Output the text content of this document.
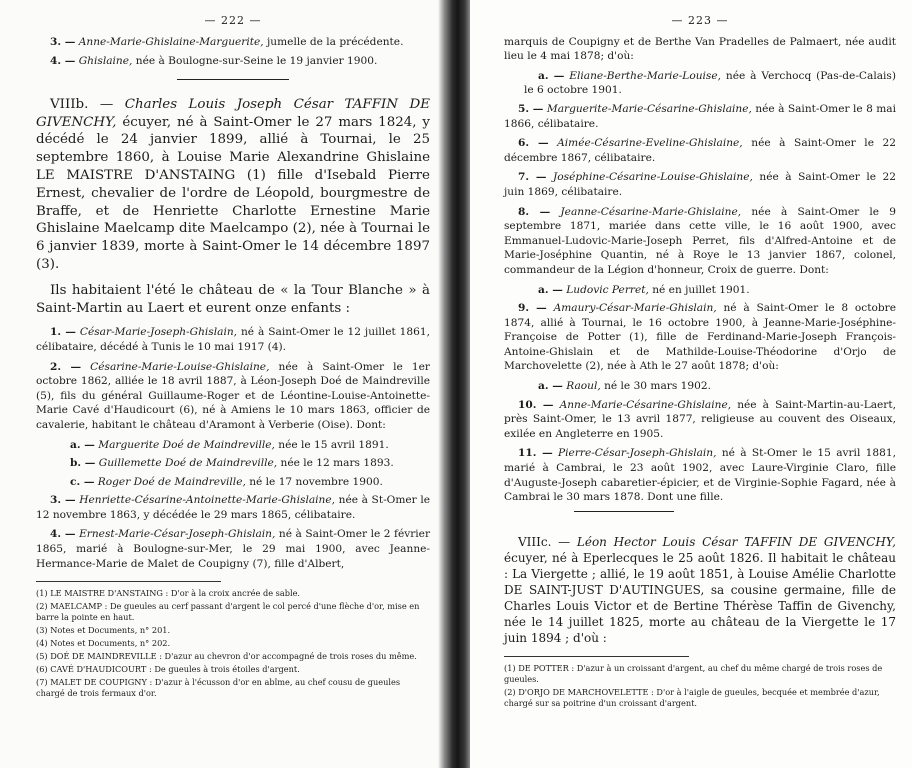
— 222 —

3. — Anne-Marie-Ghislaine-Marguerite, jumelle de la précédente.

4. — Ghislaine, née à Boulogne-sur-Seine le 19 janvier 1900.

VIIIb. — Charles Louis Joseph César TAFFIN DE GIVENCHY, écuyer, né à Saint-Omer le 27 mars 1824, y décédé le 24 janvier 1899, allié à Tournai, le 25 septembre 1860, à Louise Marie Alexandrine Ghislaine LE MAISTRE D'ANSTAING (1) fille d'Isebald Pierre Ernest, chevalier de l'ordre de Léopold, bourgmestre de Braffe, et de Henriette Charlotte Ernestine Marie Ghislaine Maelcamp dite Maelcampo (2), née à Tournai le 6 janvier 1839, morte à Saint-Omer le 14 décembre 1897 (3).

Ils habitaient l'été le château de « la Tour Blanche » à Saint-Martin au Laert et eurent onze enfants :

1. — César-Marie-Joseph-Ghislain, né à Saint-Omer le 12 juillet 1861, célibataire, décédé à Tunis le 10 mai 1917 (4).

2. — Césarine-Marie-Louise-Ghislaine, née à Saint-Omer le 1er octobre 1862, alliée le 18 avril 1887, à Léon-Joseph Doé de Maindreville (5), fils du général Guillaume-Roger et de Léontine-Louise-Antoinette-Marie Cavé d'Haudicourt (6), né à Amiens le 10 mars 1863, officier de cavalerie, habitant le château d'Aramont à Verberie (Oise). Dont:

a. — Marguerite Doé de Maindreville, née le 15 avril 1891.

b. — Guillemette Doé de Maindreville, née le 12 mars 1893.

c. — Roger Doé de Maindreville, né le 17 novembre 1900.

3. — Henriette-Césarine-Antoinette-Marie-Ghislaine, née à St-Omer le 12 novembre 1863, y décédée le 29 mars 1865, célibataire.

4. — Ernest-Marie-César-Joseph-Ghislain, né à Saint-Omer le 2 février 1865, marié à Boulogne-sur-Mer, le 29 mai 1900, avec Jeanne-Hermance-Marie de Malet de Coupigny (7), fille d'Albert,

(1) LE MAISTRE D'ANSTAING : D'or à la croix ancrée de sable.

(2) MAELCAMP : De gueules au cerf passant d'argent le col percé d'une flèche d'or, mise en barre la pointe en haut.

(3) Notes et Documents, n° 201.

(4) Notes et Documents, n° 202.

(5) DOÉ DE MAINDREVILLE : D'azur au chevron d'or accompagné de trois roses du même.

(6) CAVÉ D'HAUDICOURT : De gueules à trois étoiles d'argent.

(7) MALET DE COUPIGNY : D'azur à l'écusson d'or en abîme, au chef cousu de gueules chargé de trois fermaux d'or.

— 223 —

marquis de Coupigny et de Berthe Van Pradelles de Palmaert, née audit lieu le 4 mai 1878; d'où:

a. — Eliane-Berthe-Marie-Louise, née à Verchocq (Pas-de-Calais) le 6 octobre 1901.

5. — Marguerite-Marie-Césarine-Ghislaine, née à Saint-Omer le 8 mai 1866, célibataire.

6. — Aimée-Césarine-Eveline-Ghislaine, née à Saint-Omer le 22 décembre 1867, célibataire.

7. — Joséphine-Césarine-Louise-Ghislaine, née à Saint-Omer le 22 juin 1869, célibataire.

8. — Jeanne-Césarine-Marie-Ghislaine, née à Saint-Omer le 9 septembre 1871, mariée dans cette ville, le 16 août 1900, avec Emmanuel-Ludovic-Marie-Joseph Perret, fils d'Alfred-Antoine et de Marie-Joséphine Quantin, né à Roye le 13 janvier 1867, colonel, commandeur de la Légion d'honneur, Croix de guerre. Dont:

a. — Ludovic Perret, né en juillet 1901.

9. — Amaury-César-Marie-Ghislain, né à Saint-Omer le 8 octobre 1874, allié à Tournai, le 16 octobre 1900, à Jeanne-Marie-Joséphine-Françoise de Potter (1), fille de Ferdinand-Marie-Joseph François-Antoine-Ghislain et de Mathilde-Louise-Théodorine d'Orjo de Marchovelette (2), née à Ath le 27 août 1878; d'où:

a. — Raoul, né le 30 mars 1902.

10. — Anne-Marie-Césarine-Ghislaine, née à Saint-Martin-au-Laert, près Saint-Omer, le 13 avril 1877, religieuse au couvent des Oiseaux, exilée en Angleterre en 1905.

11. — Pierre-César-Joseph-Ghislain, né à St-Omer le 15 avril 1881, marié à Cambrai, le 23 août 1902, avec Laure-Virginie Claro, fille d'Auguste-Joseph cabaretier-épicier, et de Virginie-Sophie Fagard, née à Cambrai le 30 mars 1878. Dont une fille.

VIIIc. — Léon Hector Louis César TAFFIN DE GIVENCHY, écuyer, né à Eperlecques le 25 août 1826. Il habitait le château : La Viergette ; allié, le 19 août 1851, à Louise Amélie Charlotte DE SAINT-JUST D'AUTINGUES, sa cousine germaine, fille de Charles Louis Victor et de Bertine Thérèse Taffin de Givenchy, née le 14 juillet 1825, morte au château de la Viergette le 17 juin 1894 ; d'où :

(1) DE POTTER : D'azur à un croissant d'argent, au chef du même chargé de trois roses de gueules.

(2) D'ORJO DE MARCHOVELETTE : D'or à l'aigle de gueules, becquée et membrée d'azur, chargé sur sa poitrine d'un croissant d'argent.
